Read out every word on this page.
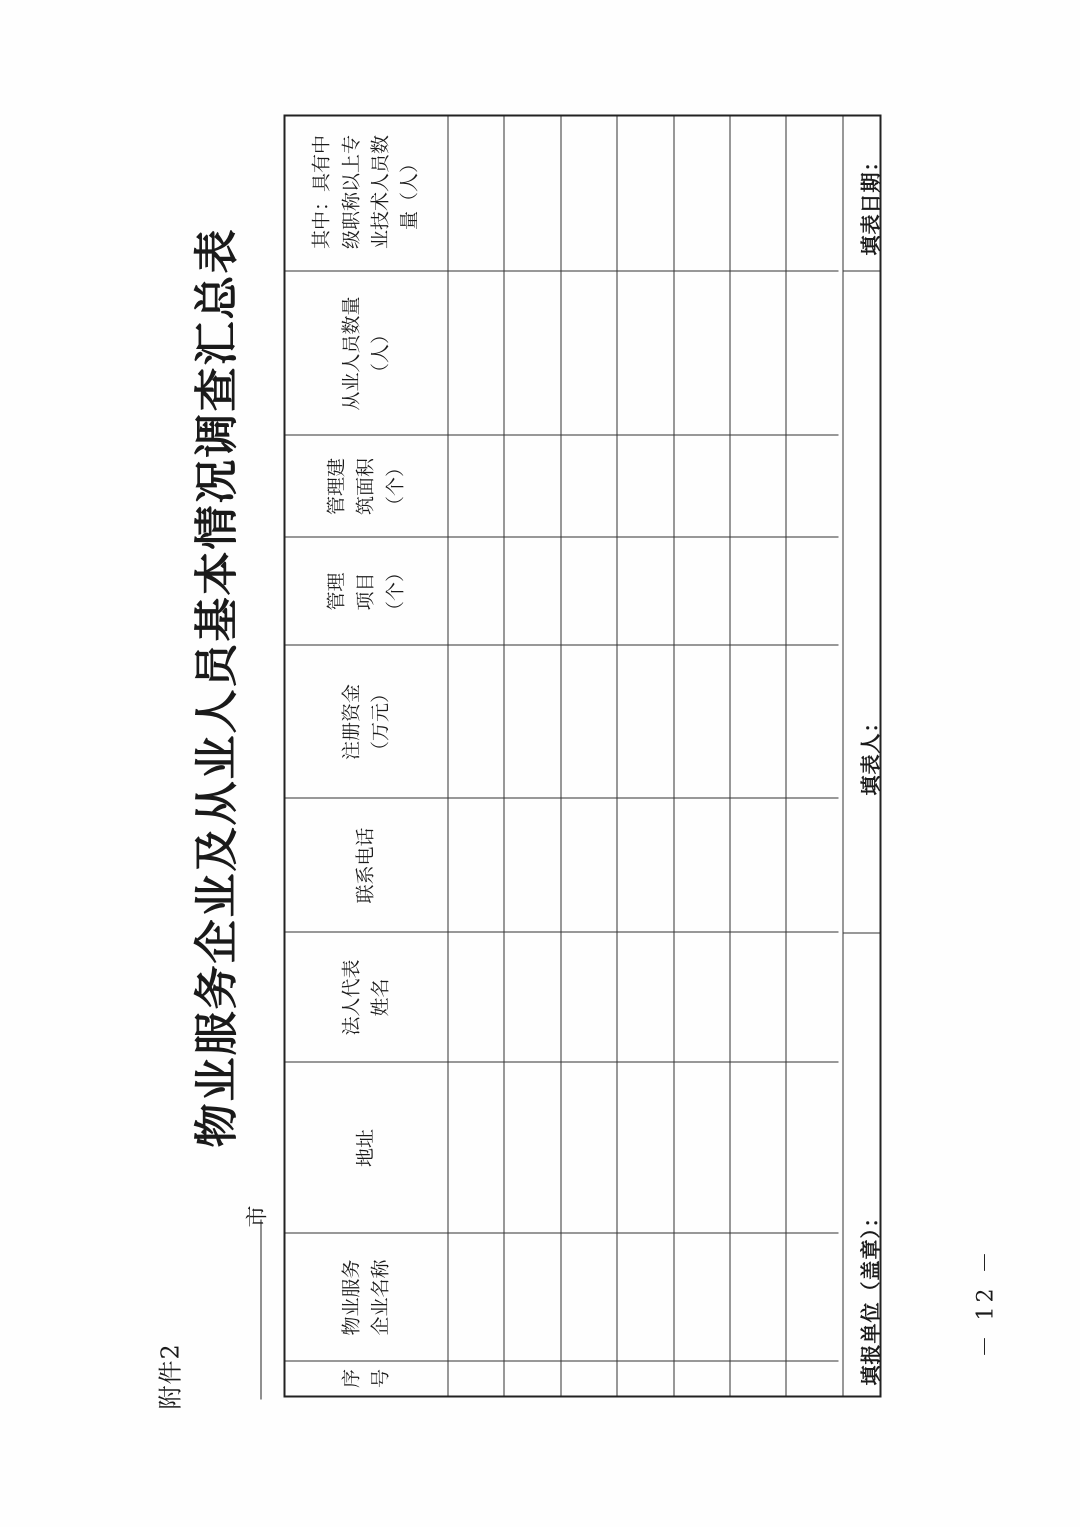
附件2
物业服务企业及从业人员基本情况调查汇总表
市
序 号
物业服务 企业名称
地址
法人代表 姓名
联系电话
注册资金 （万元）
管理 项目 （个）
管理建 筑面积 （个）
从业人员数量 （人）
其中：具有中 级职称以上专 业技术人员数 量（人）
填报单位（盖章）：
填表人：
填表日期：
－ 12 －
